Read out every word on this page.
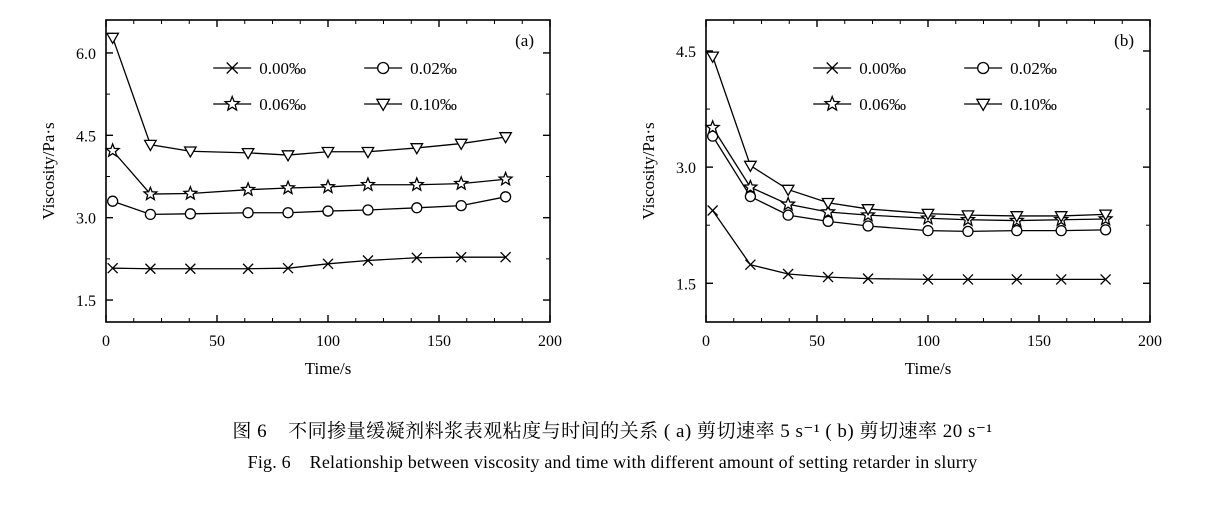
0	50	100	150	200
1.5
3.0
4.5
6.0
Time/s
Viscosity/Pa·s
(a)
0.00‰	0.02‰
0.06‰	0.10‰
0	50	100	150	200
1.5
3.0
4.5
Time/s
Viscosity/Pa·s
(b)
0.00‰	0.02‰
0.06‰	0.10‰
图 6 不同掺量缓凝剂料浆表观粘度与时间的关系 ( a) 剪切速率 5 s⁻¹ ( b) 剪切速率 20 s⁻¹
Fig. 6 Relationship between viscosity and time with different amount of setting retarder in slurry
